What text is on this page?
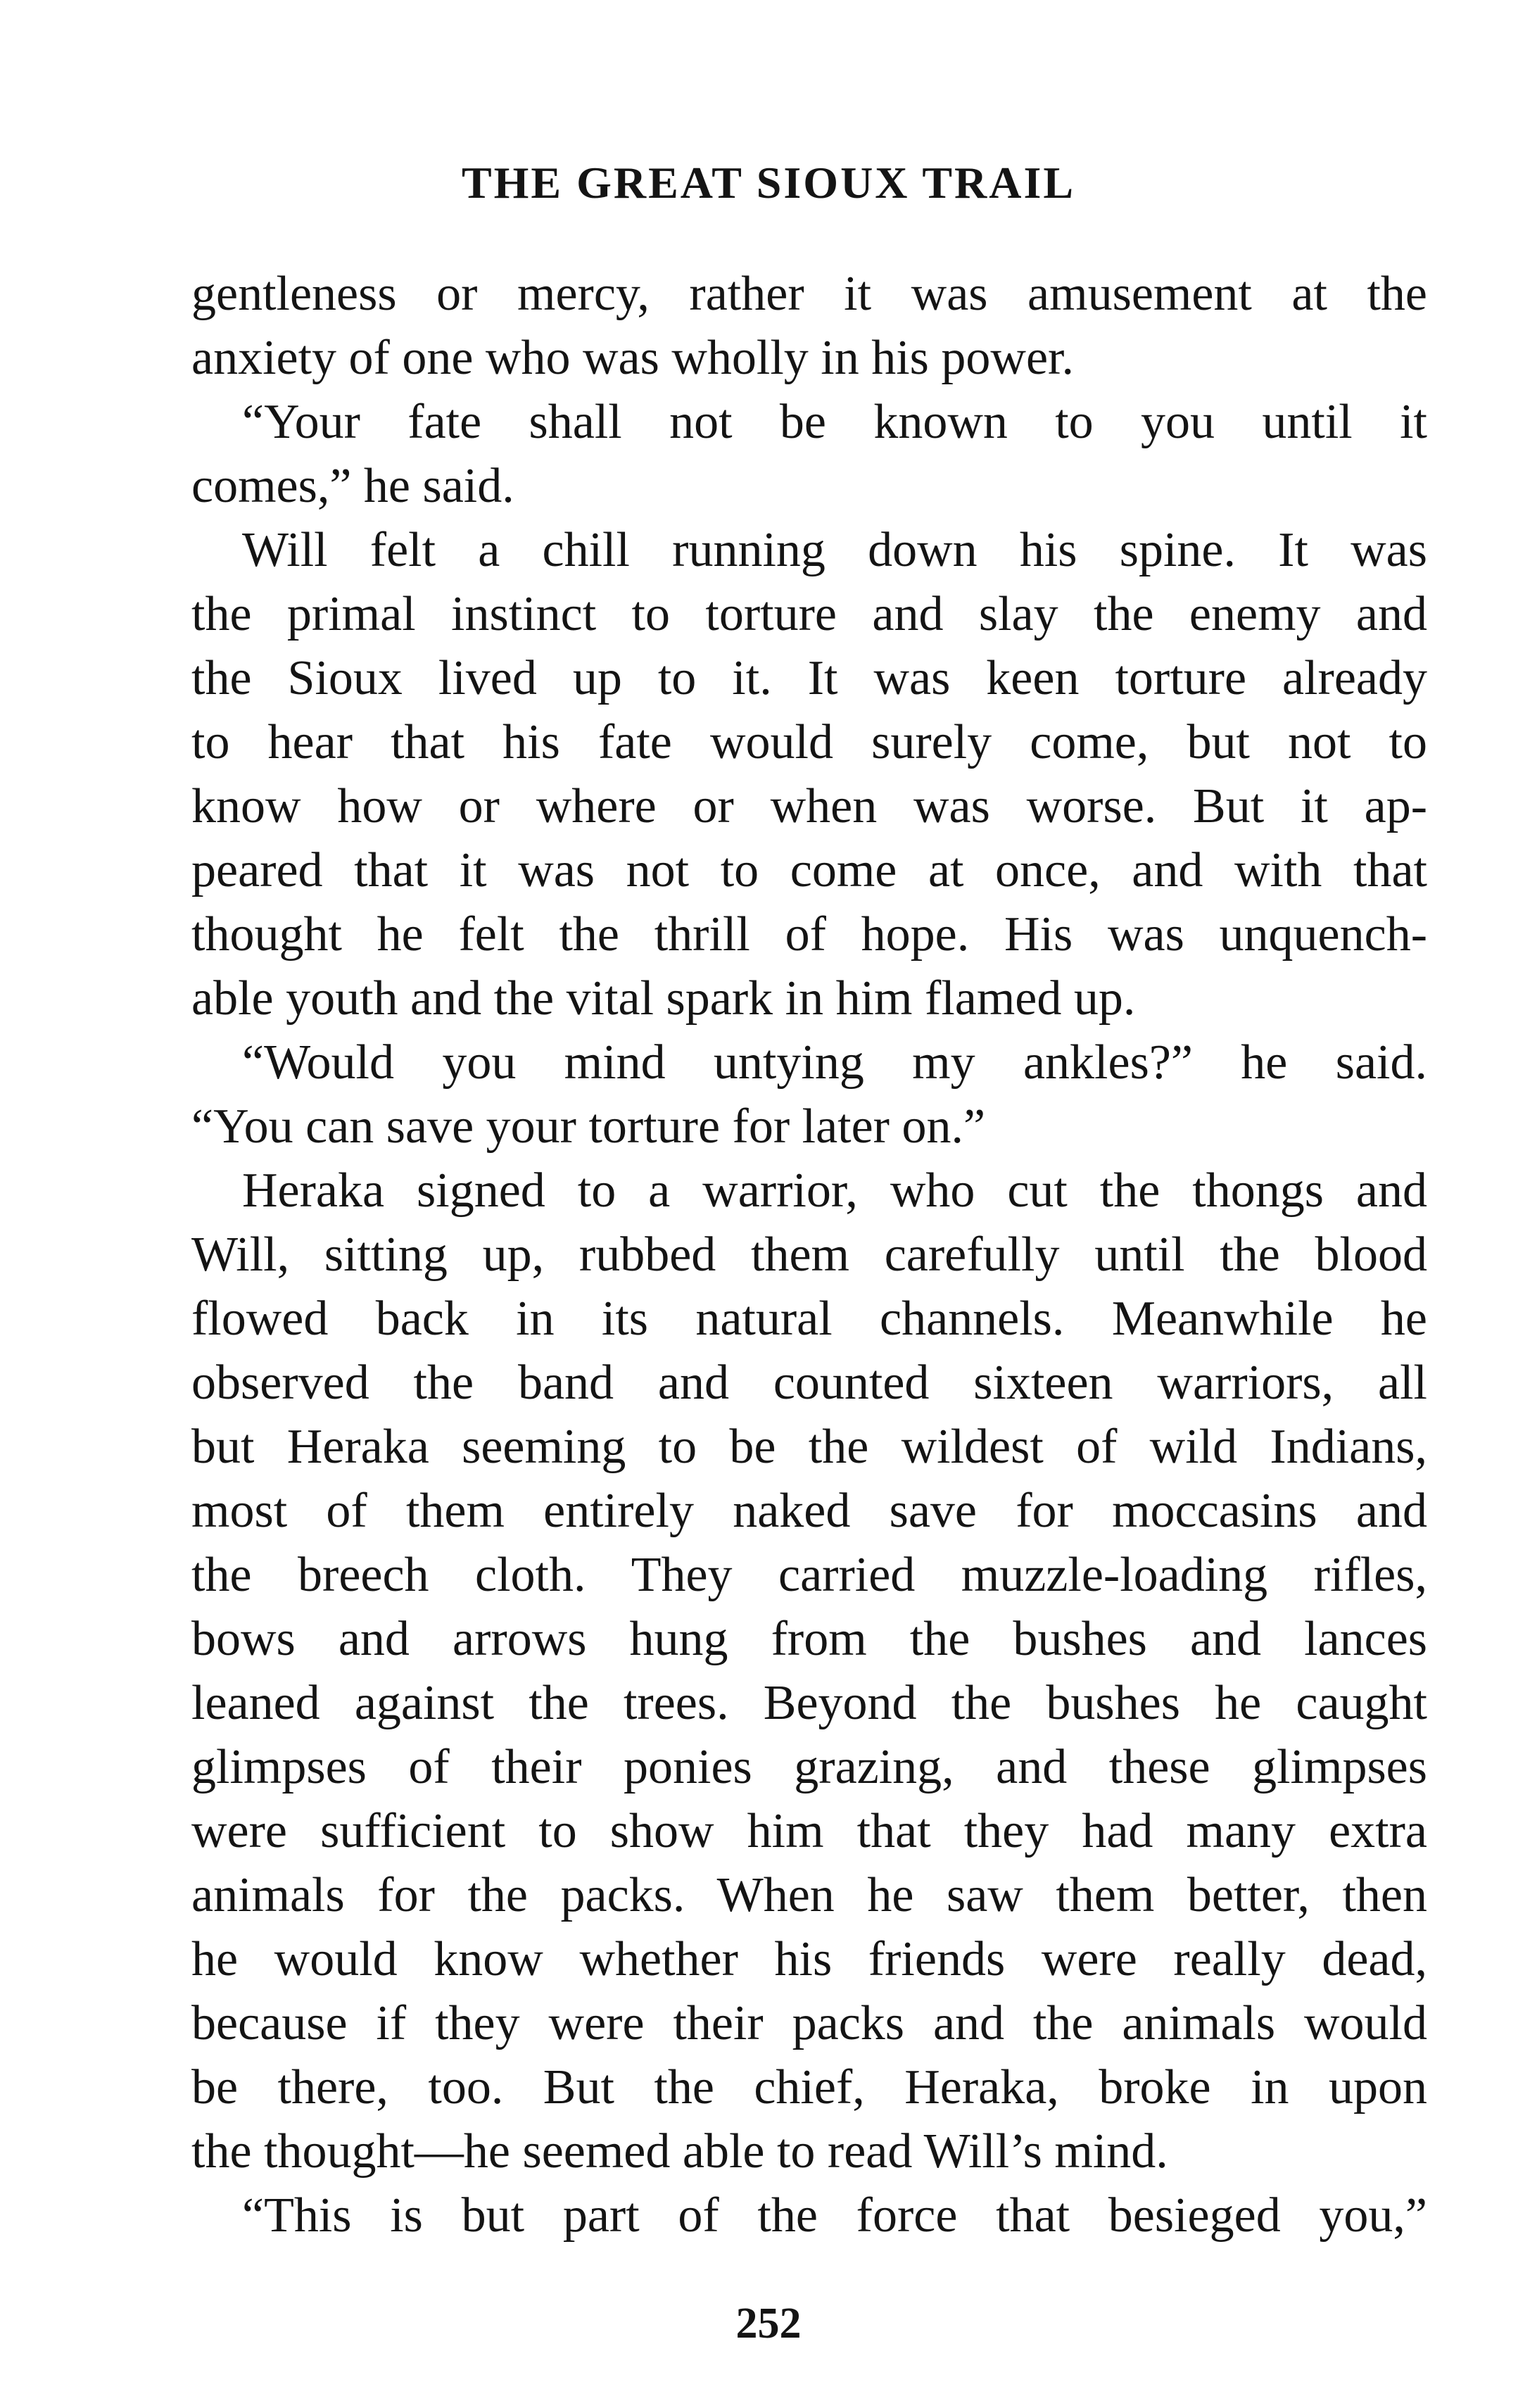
THE GREAT SIOUX TRAIL
gentleness or mercy, rather it was amusement at the
anxiety of one who was wholly in his power.
“Your fate shall not be known to you until it
comes,” he said.
Will felt a chill running down his spine. It was
the primal instinct to torture and slay the enemy and
the Sioux lived up to it. It was keen torture already
to hear that his fate would surely come, but not to
know how or where or when was worse. But it ap-
peared that it was not to come at once, and with that
thought he felt the thrill of hope. His was unquench-
able youth and the vital spark in him flamed up.
“Would you mind untying my ankles?” he said.
“You can save your torture for later on.”
Heraka signed to a warrior, who cut the thongs and
Will, sitting up, rubbed them carefully until the blood
flowed back in its natural channels. Meanwhile he
observed the band and counted sixteen warriors, all
but Heraka seeming to be the wildest of wild Indians,
most of them entirely naked save for moccasins and
the breech cloth. They carried muzzle-loading rifles,
bows and arrows hung from the bushes and lances
leaned against the trees. Beyond the bushes he caught
glimpses of their ponies grazing, and these glimpses
were sufficient to show him that they had many extra
animals for the packs. When he saw them better, then
he would know whether his friends were really dead,
because if they were their packs and the animals would
be there, too. But the chief, Heraka, broke in upon
the thought—he seemed able to read Will’s mind.
“This is but part of the force that besieged you,”
252
